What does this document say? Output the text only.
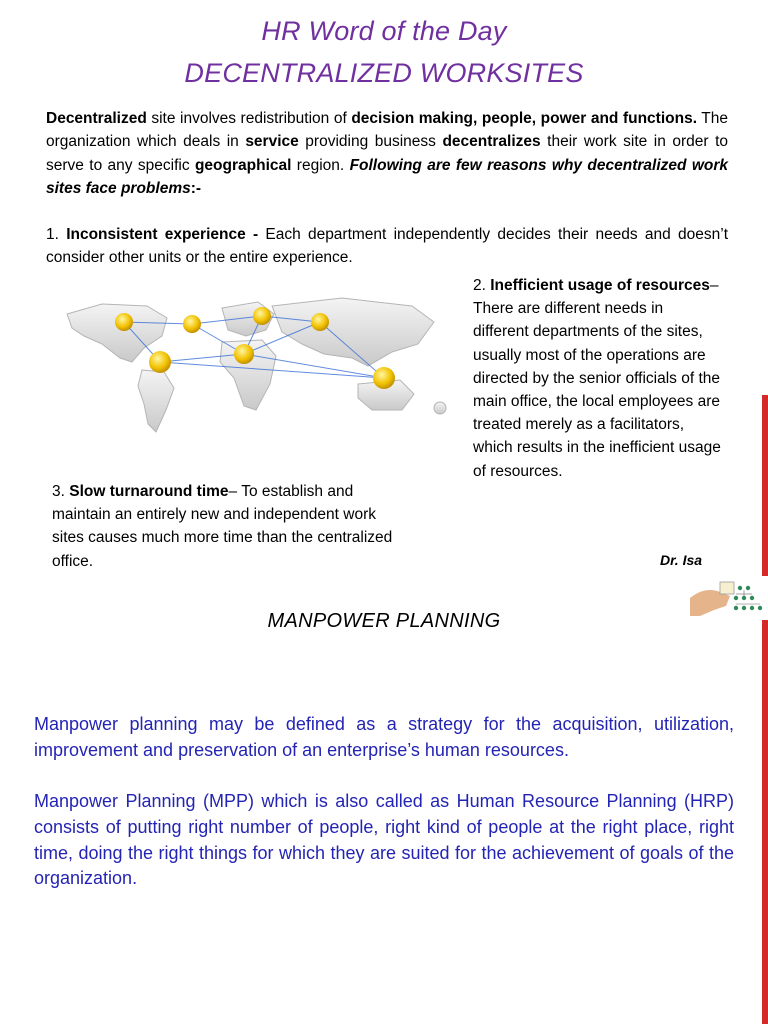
HR Word of the Day
DECENTRALIZED WORKSITES
Decentralized site involves redistribution of decision making, people, power and functions. The organization which deals in service providing business decentralizes their work site in order to serve to any specific geographical region. Following are few reasons why decentralized work sites face problems:-
1. Inconsistent experience - Each department independently decides their needs and doesn’t consider other units or the entire experience.
2. Inefficient usage of resources– There are different needs in different departments of the sites, usually most of the operations are directed by the senior officials of the main office, the local employees are treated merely as a facilitators, which results in the inefficient usage of resources.
3. Slow turnaround time– To establish and maintain an entirely new and independent work sites causes much more time than the centralized office.	Dr. Isa
MANPOWER PLANNING
Manpower planning may be defined as a strategy for the acquisition, utilization, improvement and preservation of an enterprise’s human resources.
Manpower Planning (MPP) which is also called as Human Resource Planning (HRP) consists of putting right number of people, right kind of people at the right place, right time, doing the right things for which they are suited for the achievement of goals of the organization.
